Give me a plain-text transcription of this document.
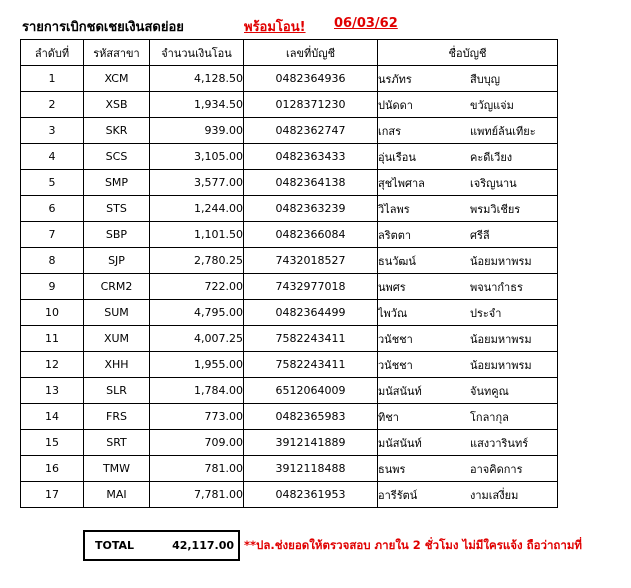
รายการเบิกชดเชยเงินสดย่อย	พร้อมโอน! 06/03/62
ลำดับที่	รหัสสาขา	จำนวนเงินโอน	เลขที่บัญชี	ชื่อบัญชี
1	XCM	4,128.50	0482364936	นรภัทร สืบบุญ
2	XSB	1,934.50	0128371230	ปนัดดา ขวัญแจ่ม
3	SKR	939.00	0482362747	เกสร แพทย์ล้นเทียะ
4	SCS	3,105.00	0482363433	อุ่นเรือน คะดีเวียง
5	SMP	3,577.00	0482364138	สุชไพศาล เจริญนาน
6	STS	1,244.00	0482363239	วิไลพร พรมวิเชียร
7	SBP	1,101.50	0482366084	ลริตตา ศรีลี
8	SJP	2,780.25	7432018527	ธนวัฒน์ น้อยมหาพรม
9	CRM2	722.00	7432977018	นพศร พจนากำธร
10	SUM	4,795.00	0482364499	ไพวัณ ประจำ
11	XUM	4,007.25	7582243411	วนัชชา น้อยมหาพรม
12	XHH	1,955.00	7582243411	วนัชชา น้อยมหาพรม
13	SLR	1,784.00	6512064009	มนัสนันท์ จันทคูณ
14	FRS	773.00	0482365983	ทิชา โกลากุล
15	SRT	709.00	3912141889	มนัสนันท์ แสงวารินทร์
16	TMW	781.00	3912118488	ธนพร อาจคิดการ
17	MAI	7,781.00	0482361953	อารีรัตน์ งามเสงี่ยม
TOTAL	42,117.00 **ปล.ช่งยอดให้ตรวจสอบ ภายใน 2 ชั่วโมง ไม่มีใครแจ้ง ถือว่าถามที่
